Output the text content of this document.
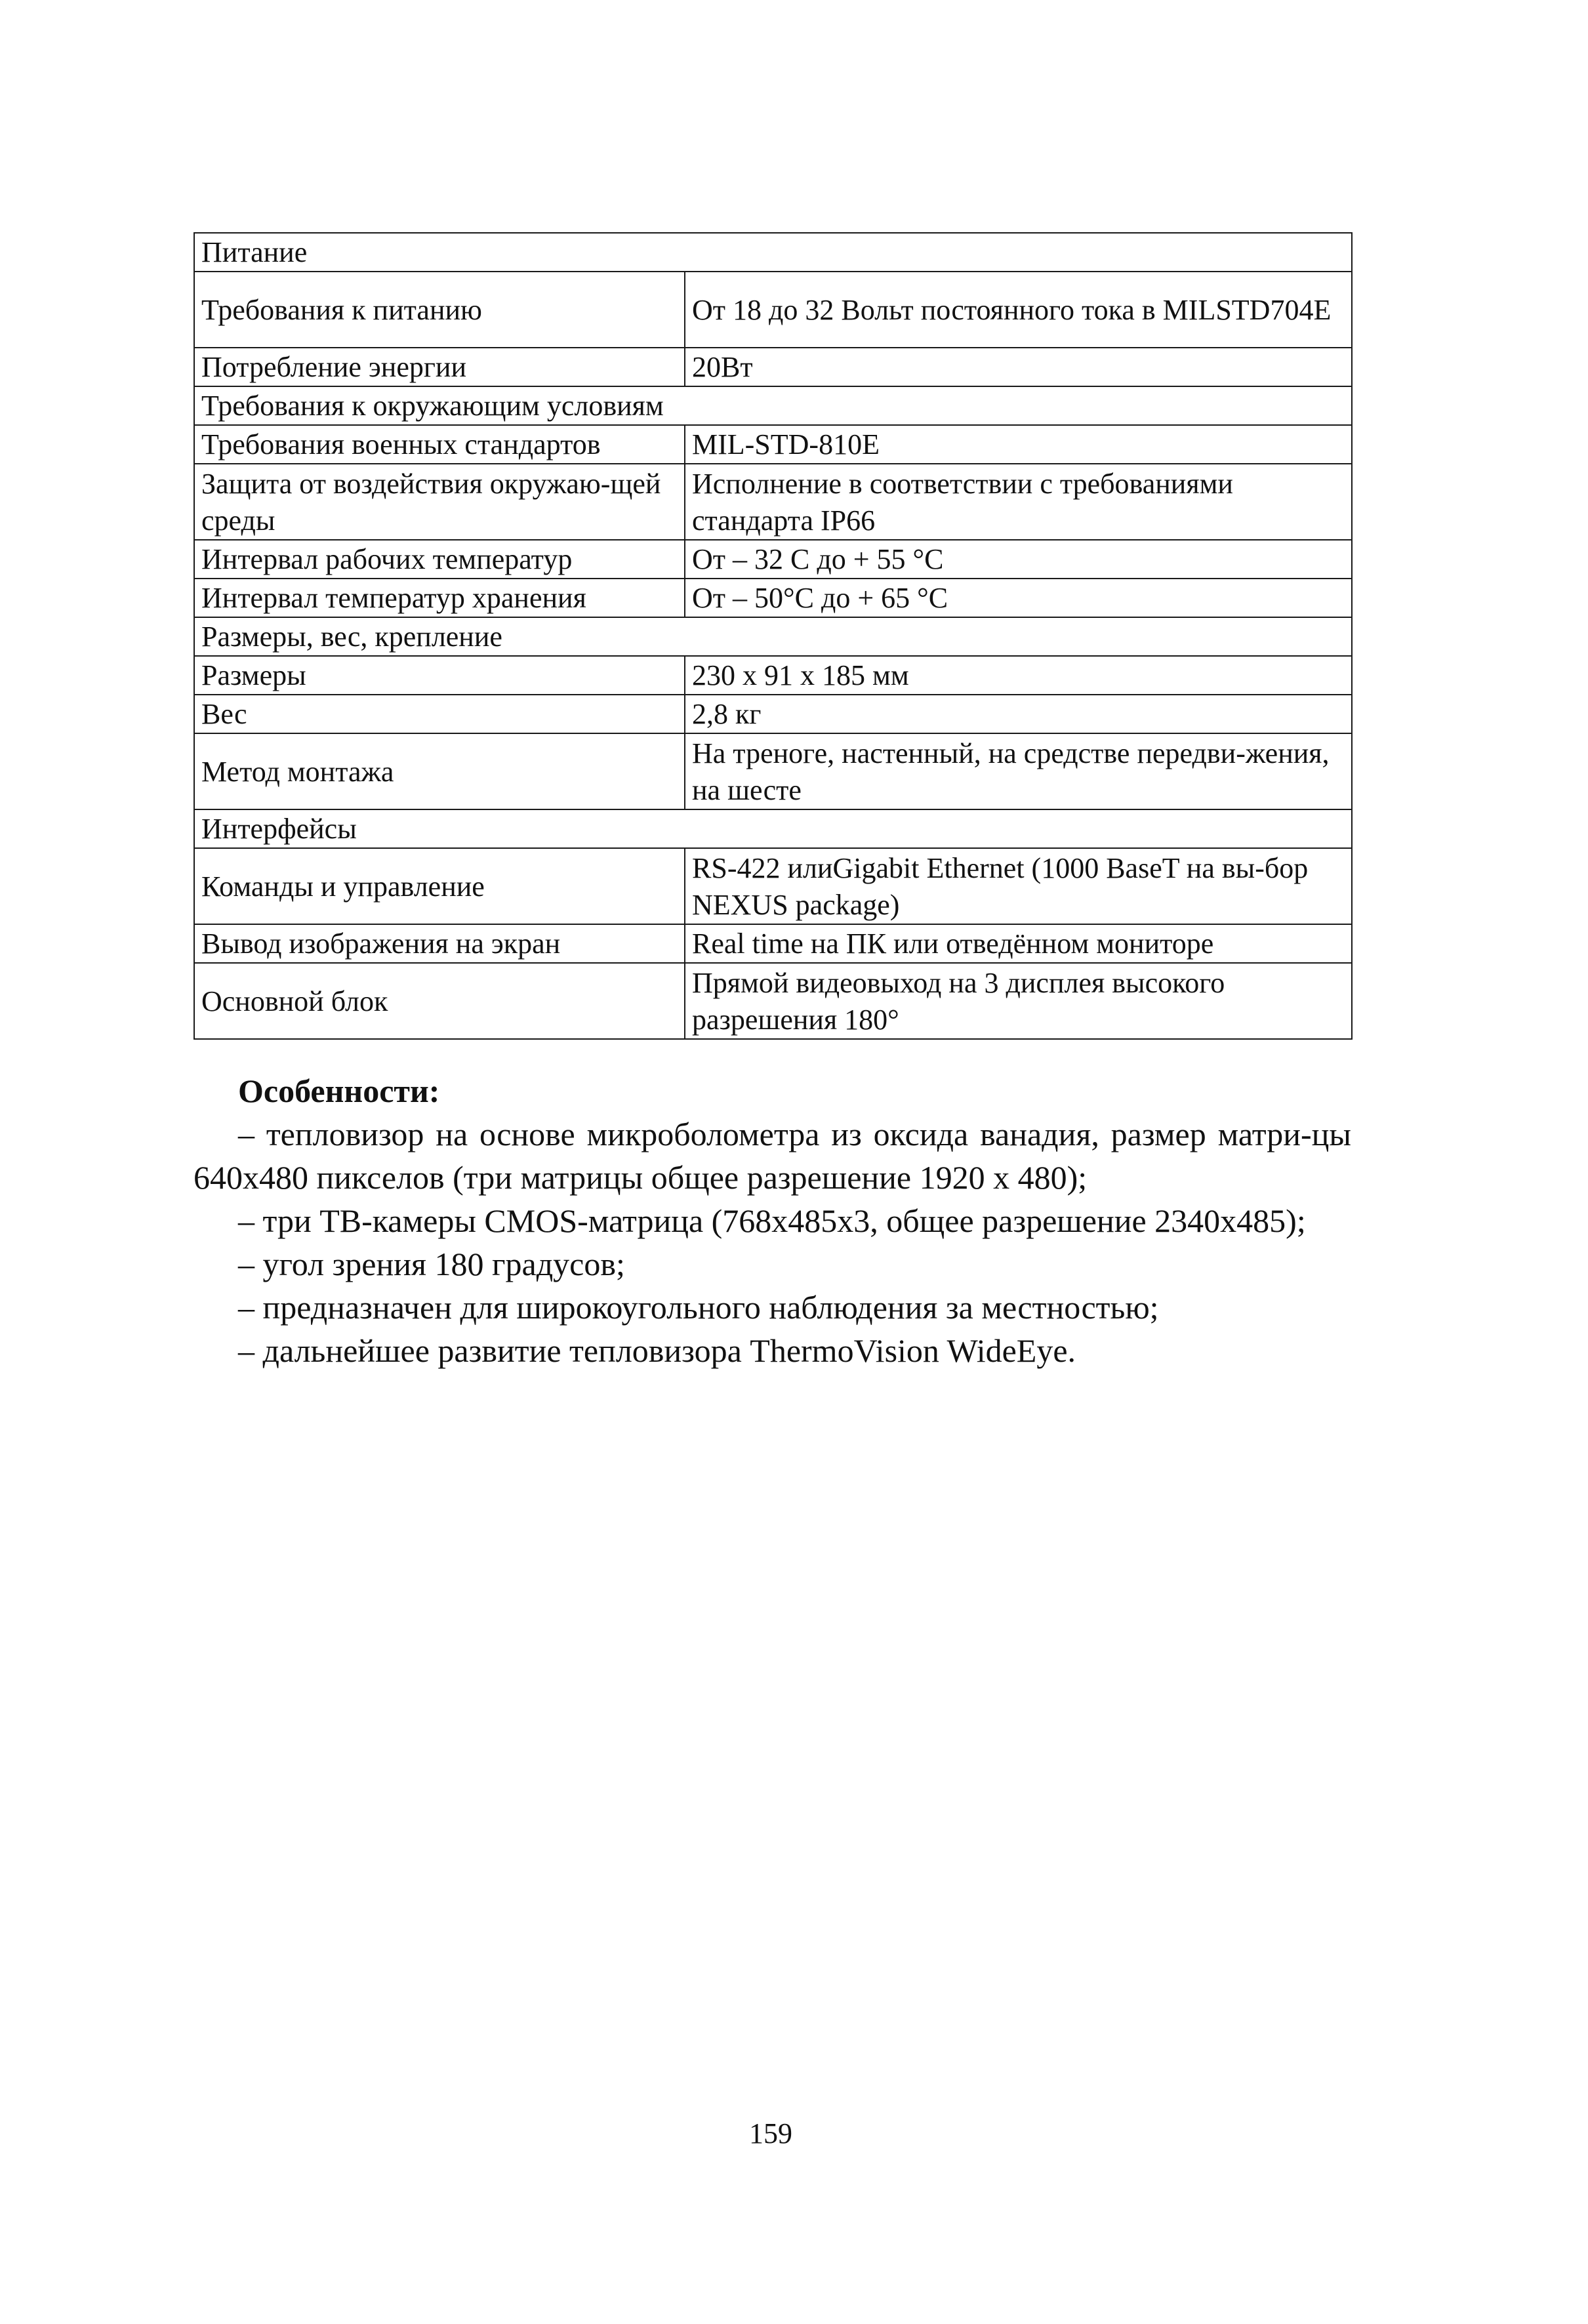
Питание	
Требования к питанию	От 18 до 32 Вольт постоянного тока в MILSTD704E
Потребление энергии	20Вт
Требования к окружающим условиям	
Требования военных стандартов	MIL-STD-810E
Защита от воздействия окружаю-щей среды	Исполнение в соответствии с требованиями стандарта IP66
Интервал рабочих температур	От – 32 С до + 55 °С
Интервал температур хранения	От – 50°С до + 65 °С
Размеры, вес, крепление	
Размеры	230 х 91 х 185 мм
Вес	2,8 кг
Метод монтажа	На треноге, настенный, на средстве передви-жения, на шесте
Интерфейсы	
Команды и управление	RS-422 илиGigabit Ethernet (1000 BaseT на вы-бор NEXUS package)
Вывод изображения на экран	Real time на ПК или отведённом мониторе
Основной блок	Прямой видеовыход на 3 дисплея высокого разрешения 180°
Особенности:

– тепловизор на основе микроболометра из оксида ванадия, размер матри-цы 640x480 пикселов (три матрицы общее разрешение 1920 х 480);

– три ТВ-камеры CMOS-матрица (768x485x3, общее разрешение 2340x485);

– угол зрения 180 градусов;

– предназначен для широкоугольного наблюдения за местностью;

– дальнейшее развитие тепловизора ThermoVision WideEye.

159
